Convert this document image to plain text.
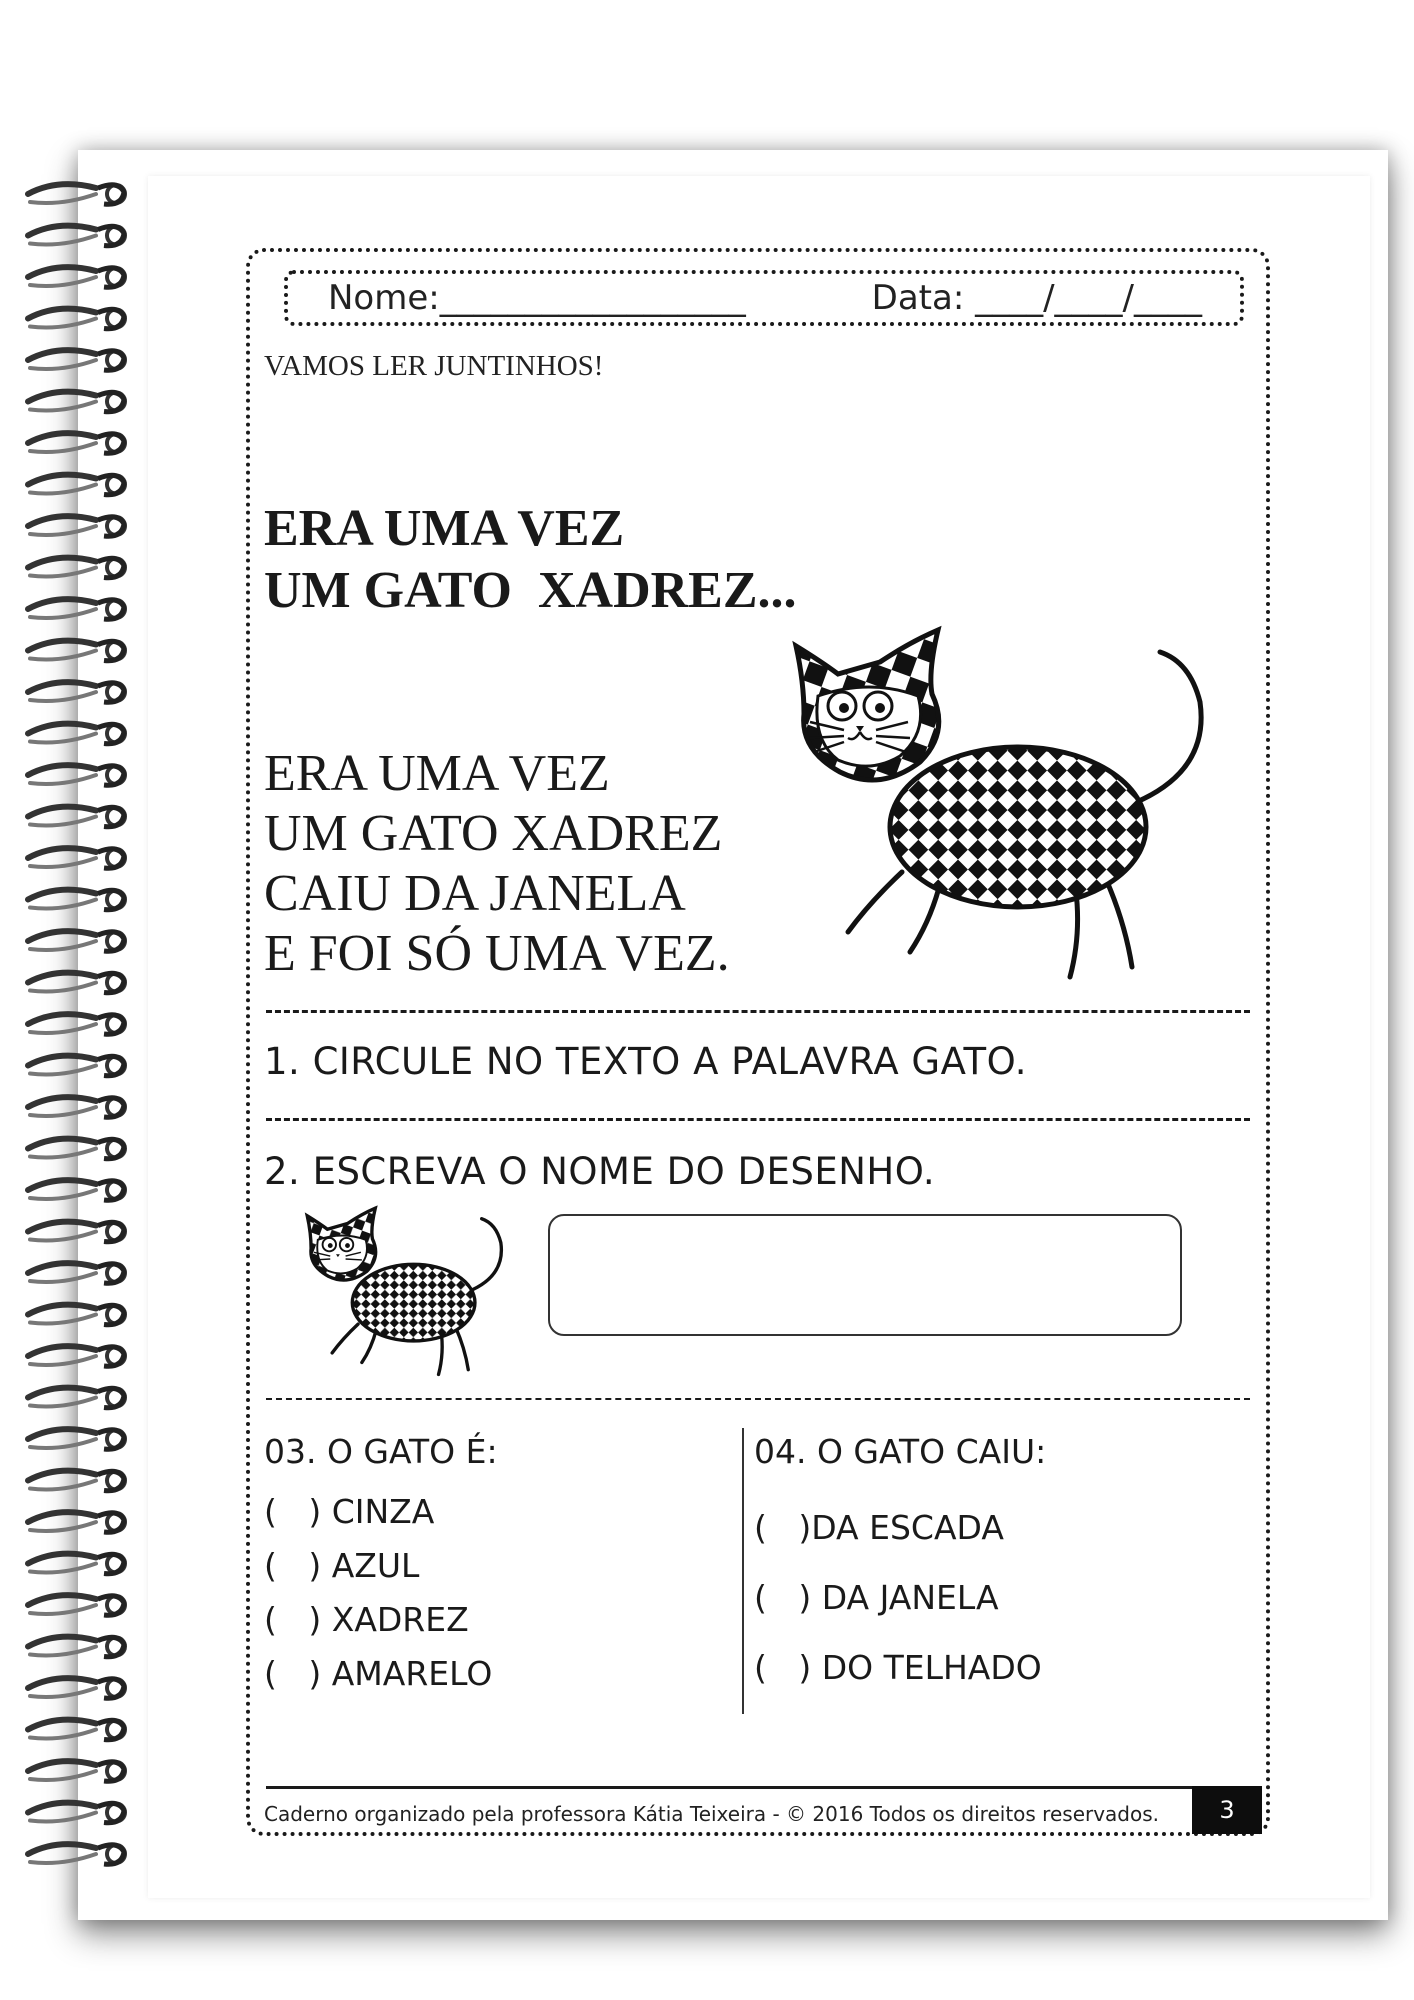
Nome:__________________	Data: ____/____/____
VAMOS LER JUNTINHOS!
ERA UMA VEZ
UM GATO  XADREZ...
ERA UMA VEZ
UM GATO XADREZ
CAIU DA JANELA
E FOI SÓ UMA VEZ.
1. CIRCULE NO TEXTO A PALAVRA GATO.
2. ESCREVA O NOME DO DESENHO.
03. O GATO É:
(   ) CINZA
(   ) AZUL
(   ) XADREZ
(   ) AMARELO
04. O GATO CAIU:
(   )DA ESCADA
(   ) DA JANELA
(   ) DO TELHADO
Caderno organizado pela professora Kátia Teixeira - © 2016 Todos os direitos reservados.	3
